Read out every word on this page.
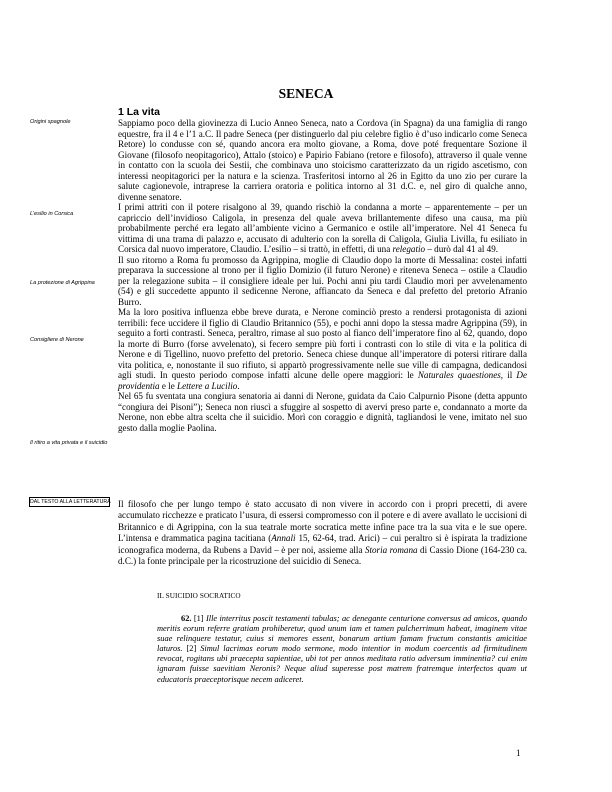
SENECA
1 La vita
Origini spagnole
L’esilio in Corsica
La protezione di Agrippina
Consigliere di Nerone
Il ritiro a vita privata e il suicidio
DAL TESTO ALLA LETTERATURA

Sappiamo poco della giovinezza di Lucio Anneo Seneca, nato a Cordova (in Spagna) da una famiglia di rango equestre, fra il 4 e l’1 a.C. Il padre Seneca (per distinguerlo dal piu celebre figlio è d’uso indicarlo come Seneca Retore) lo condusse con sé, quando ancora era molto giovane, a Roma, dove poté frequentare Sozione il Giovane (filosofo neopitagorico), Attalo (stoico) e Papirio Fabiano (retore e filosofo), attraverso il quale venne in contatto con la scuola dei Sestii, che combinava uno stoicismo caratterizzato da un rigido ascetismo, con interessi neopitagorici per la natura e la scienza. Trasferitosi intorno al 26 in Egitto da uno zio per curare la salute cagionevole, intraprese la carriera oratoria e politica intorno al 31 d.C. e, nel giro di qualche anno, divenne senatore.

I primi attriti con il potere risalgono al 39, quando rischiò la condanna a morte – apparentemente – per un capriccio dell’invidioso Caligola, in presenza del quale aveva brillantemente difeso una causa, ma più probabilmente perché era legato all’ambiente vicino a Germanico e ostile all’imperatore. Nel 41 Seneca fu vittima di una trama di palazzo e, accusato di adulterio con la sorella di Caligola, Giulia Livilla, fu esiliato in Corsica dal nuovo imperatore, Claudio. L’esilio – si trattò, in effetti, di una relegatio – durò dal 41 al 49.

Il suo ritorno a Roma fu promosso da Agrippina, moglie di Claudio dopo la morte di Messalina: costei infatti preparava la successione al trono per il figlio Domizio (il futuro Nerone) e riteneva Seneca – ostile a Claudio per la relegazione subita – il consigliere ideale per lui. Pochi anni piu tardi Claudio morì per avvelenamento (54) e gli succedette appunto il sedicenne Nerone, affiancato da Seneca e dal prefetto del pretorio Afranio Burro.

Ma la loro positiva influenza ebbe breve durata, e Nerone cominciò presto a rendersi protagonista di azioni terribili: fece uccidere il figlio di Claudio Britannico (55), e pochi anni dopo la stessa madre Agrippina (59), in seguito a forti contrasti. Seneca, peraltro, rimase al suo posto al fianco dell’imperatore fino al 62, quando, dopo la morte di Burro (forse avvelenato), si fecero sempre più forti i contrasti con lo stile di vita e la politica di Nerone e di Tigellino, nuovo prefetto del pretorio. Seneca chiese dunque all’imperatore di potersi ritirare dalla vita politica, e, nonostante il suo rifiuto, si appartò progressivamente nelle sue ville di campagna, dedicandosi agli studi. In questo periodo compose infatti alcune delle opere maggiori: le Naturales quaestiones, il De providentia e le Lettere a Lucilio.

Nel 65 fu sventata una congiura senatoria ai danni di Nerone, guidata da Caio Calpurnio Pisone (detta appunto “congiura dei Pisoni”); Seneca non riuscì a sfuggire al sospetto di avervi preso parte e, condannato a morte da Nerone, non ebbe altra scelta che il suicidio. Morì con coraggio e dignità, tagliandosi le vene, imitato nel suo gesto dalla moglie Paolina.

Il filosofo che per lungo tempo è stato accusato di non vivere in accordo con i propri precetti, di avere accumulato ricchezze e praticato l’usura, di essersi compromesso con il potere e di avere avallato le uccisioni di Britannico e di Agrippina, con la sua teatrale morte socratica mette infine pace tra la sua vita e le sue opere. L’intensa e drammatica pagina tacitiana (Annali 15, 62-64, trad. Arici) – cui peraltro si è ispirata la tradizione iconografica moderna, da Rubens a David – è per noi, assieme alla Storia romana di Cassio Dione (164-230 ca. d.C.) la fonte principale per la ricostruzione del suicidio di Seneca.

IL SUICIDIO SOCRATICO

62. [1] Ille interritus poscit testamenti tabulas; ac denegante centurione conversus ad amicos, quando meritis eorum referre gratiam prohiberetur, quod unum iam et tamen pulcherrimum habeat, imaginem vitae suae relinquere testatur, cuius si memores essent, bonarum artium famam fructum constantis amicitiae laturos. [2] Simul lacrimas eorum modo sermone, modo intentior in modum coercentis ad firmitudinem revocat, rogitans ubi praecepta sapientiae, ubi tot per annos meditata ratio adversum imminentia? cui enim ignaram fuisse saevitiam Neronis? Neque aliud superesse post matrem fratremque interfectos quam ut educatoris praeceptorisque necem adiceret.

1
